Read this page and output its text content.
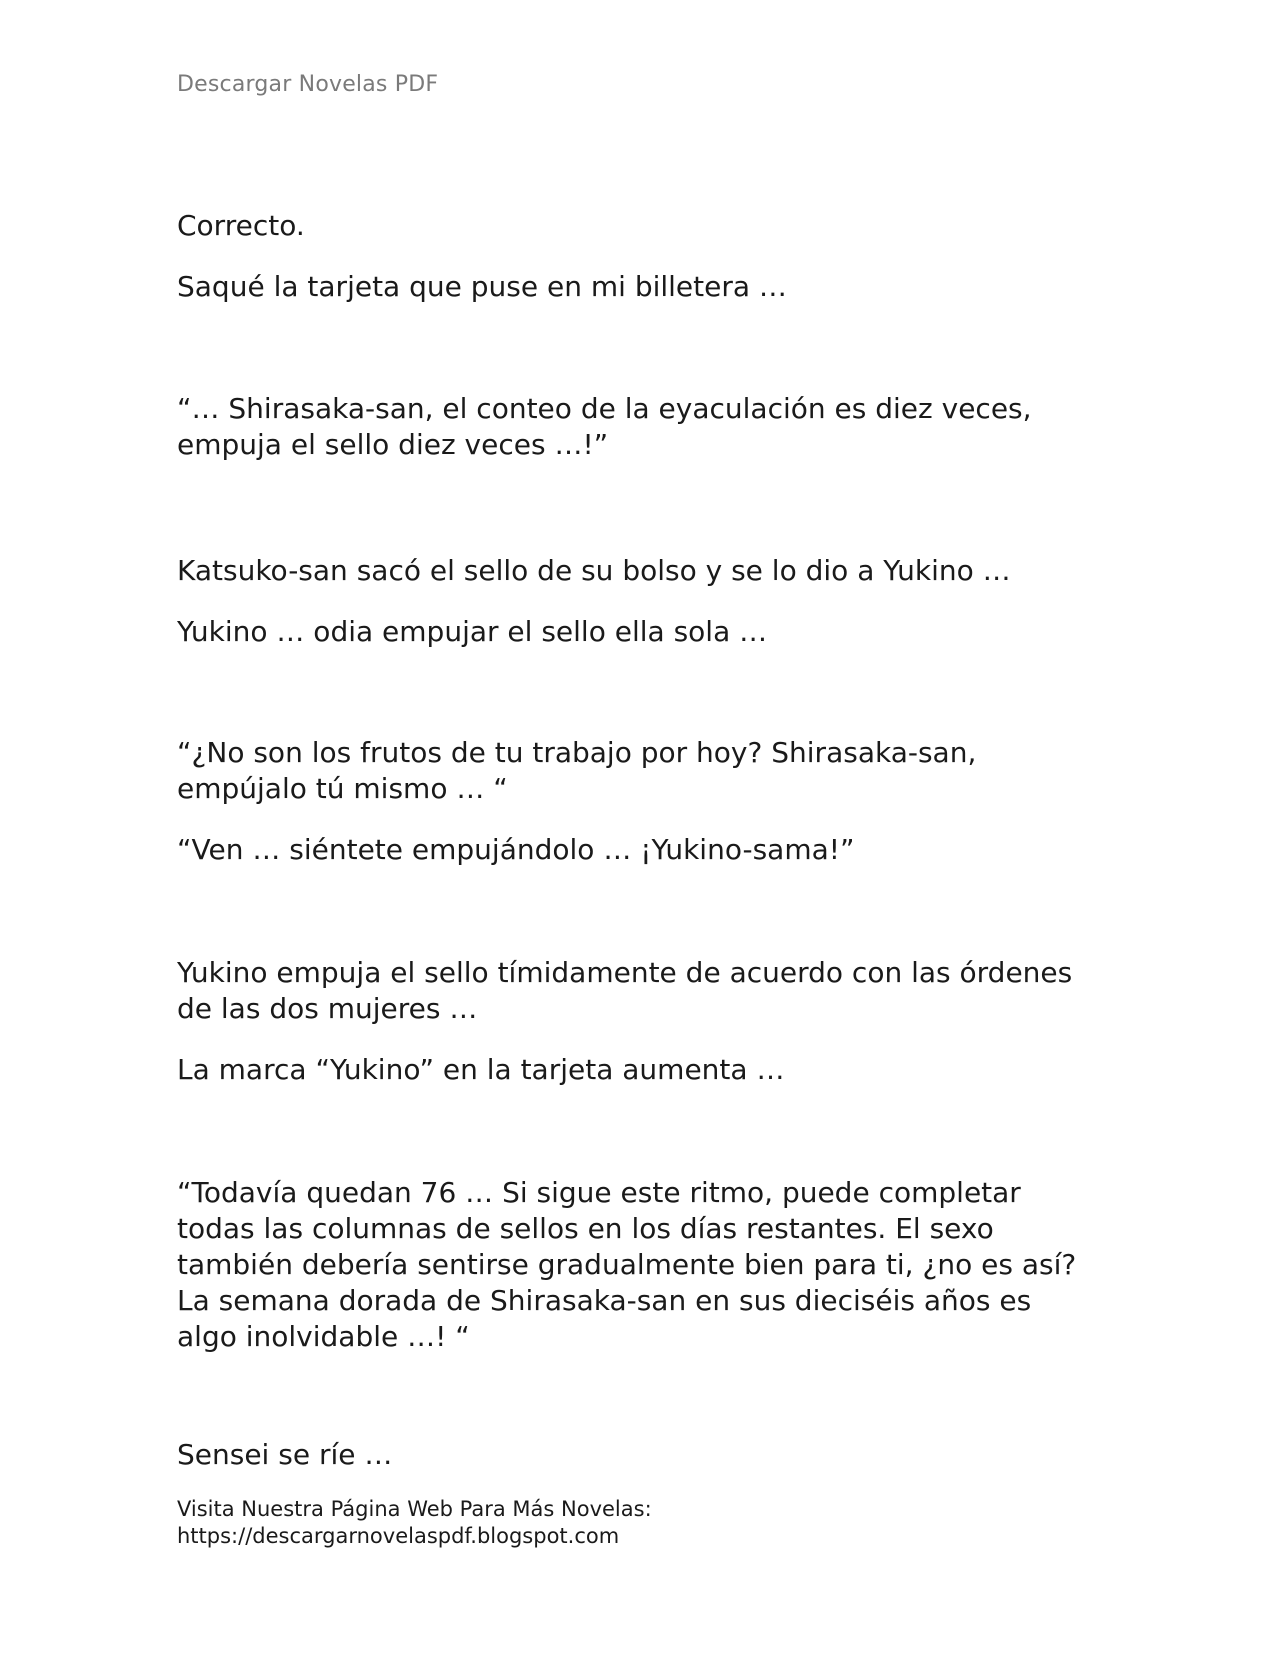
Descargar Novelas PDF

Correcto.

Saqué la tarjeta que puse en mi billetera …

“… Shirasaka-san, el conteo de la eyaculación es diez veces, empuja el sello diez veces …!”

Katsuko-san sacó el sello de su bolso y se lo dio a Yukino …

Yukino … odia empujar el sello ella sola …

“¿No son los frutos de tu trabajo por hoy? Shirasaka-san, empújalo tú mismo … “

“Ven … siéntete empujándolo … ¡Yukino-sama!”

Yukino empuja el sello tímidamente de acuerdo con las órdenes de las dos mujeres …

La marca “Yukino” en la tarjeta aumenta …

“Todavía quedan 76 … Si sigue este ritmo, puede completar todas las columnas de sellos en los días restantes. El sexo también debería sentirse gradualmente bien para ti, ¿no es así? La semana dorada de Shirasaka-san en sus dieciséis años es algo inolvidable …! “

Sensei se ríe …

Visita Nuestra Página Web Para Más Novelas:
https://descargarnovelaspdf.blogspot.com
